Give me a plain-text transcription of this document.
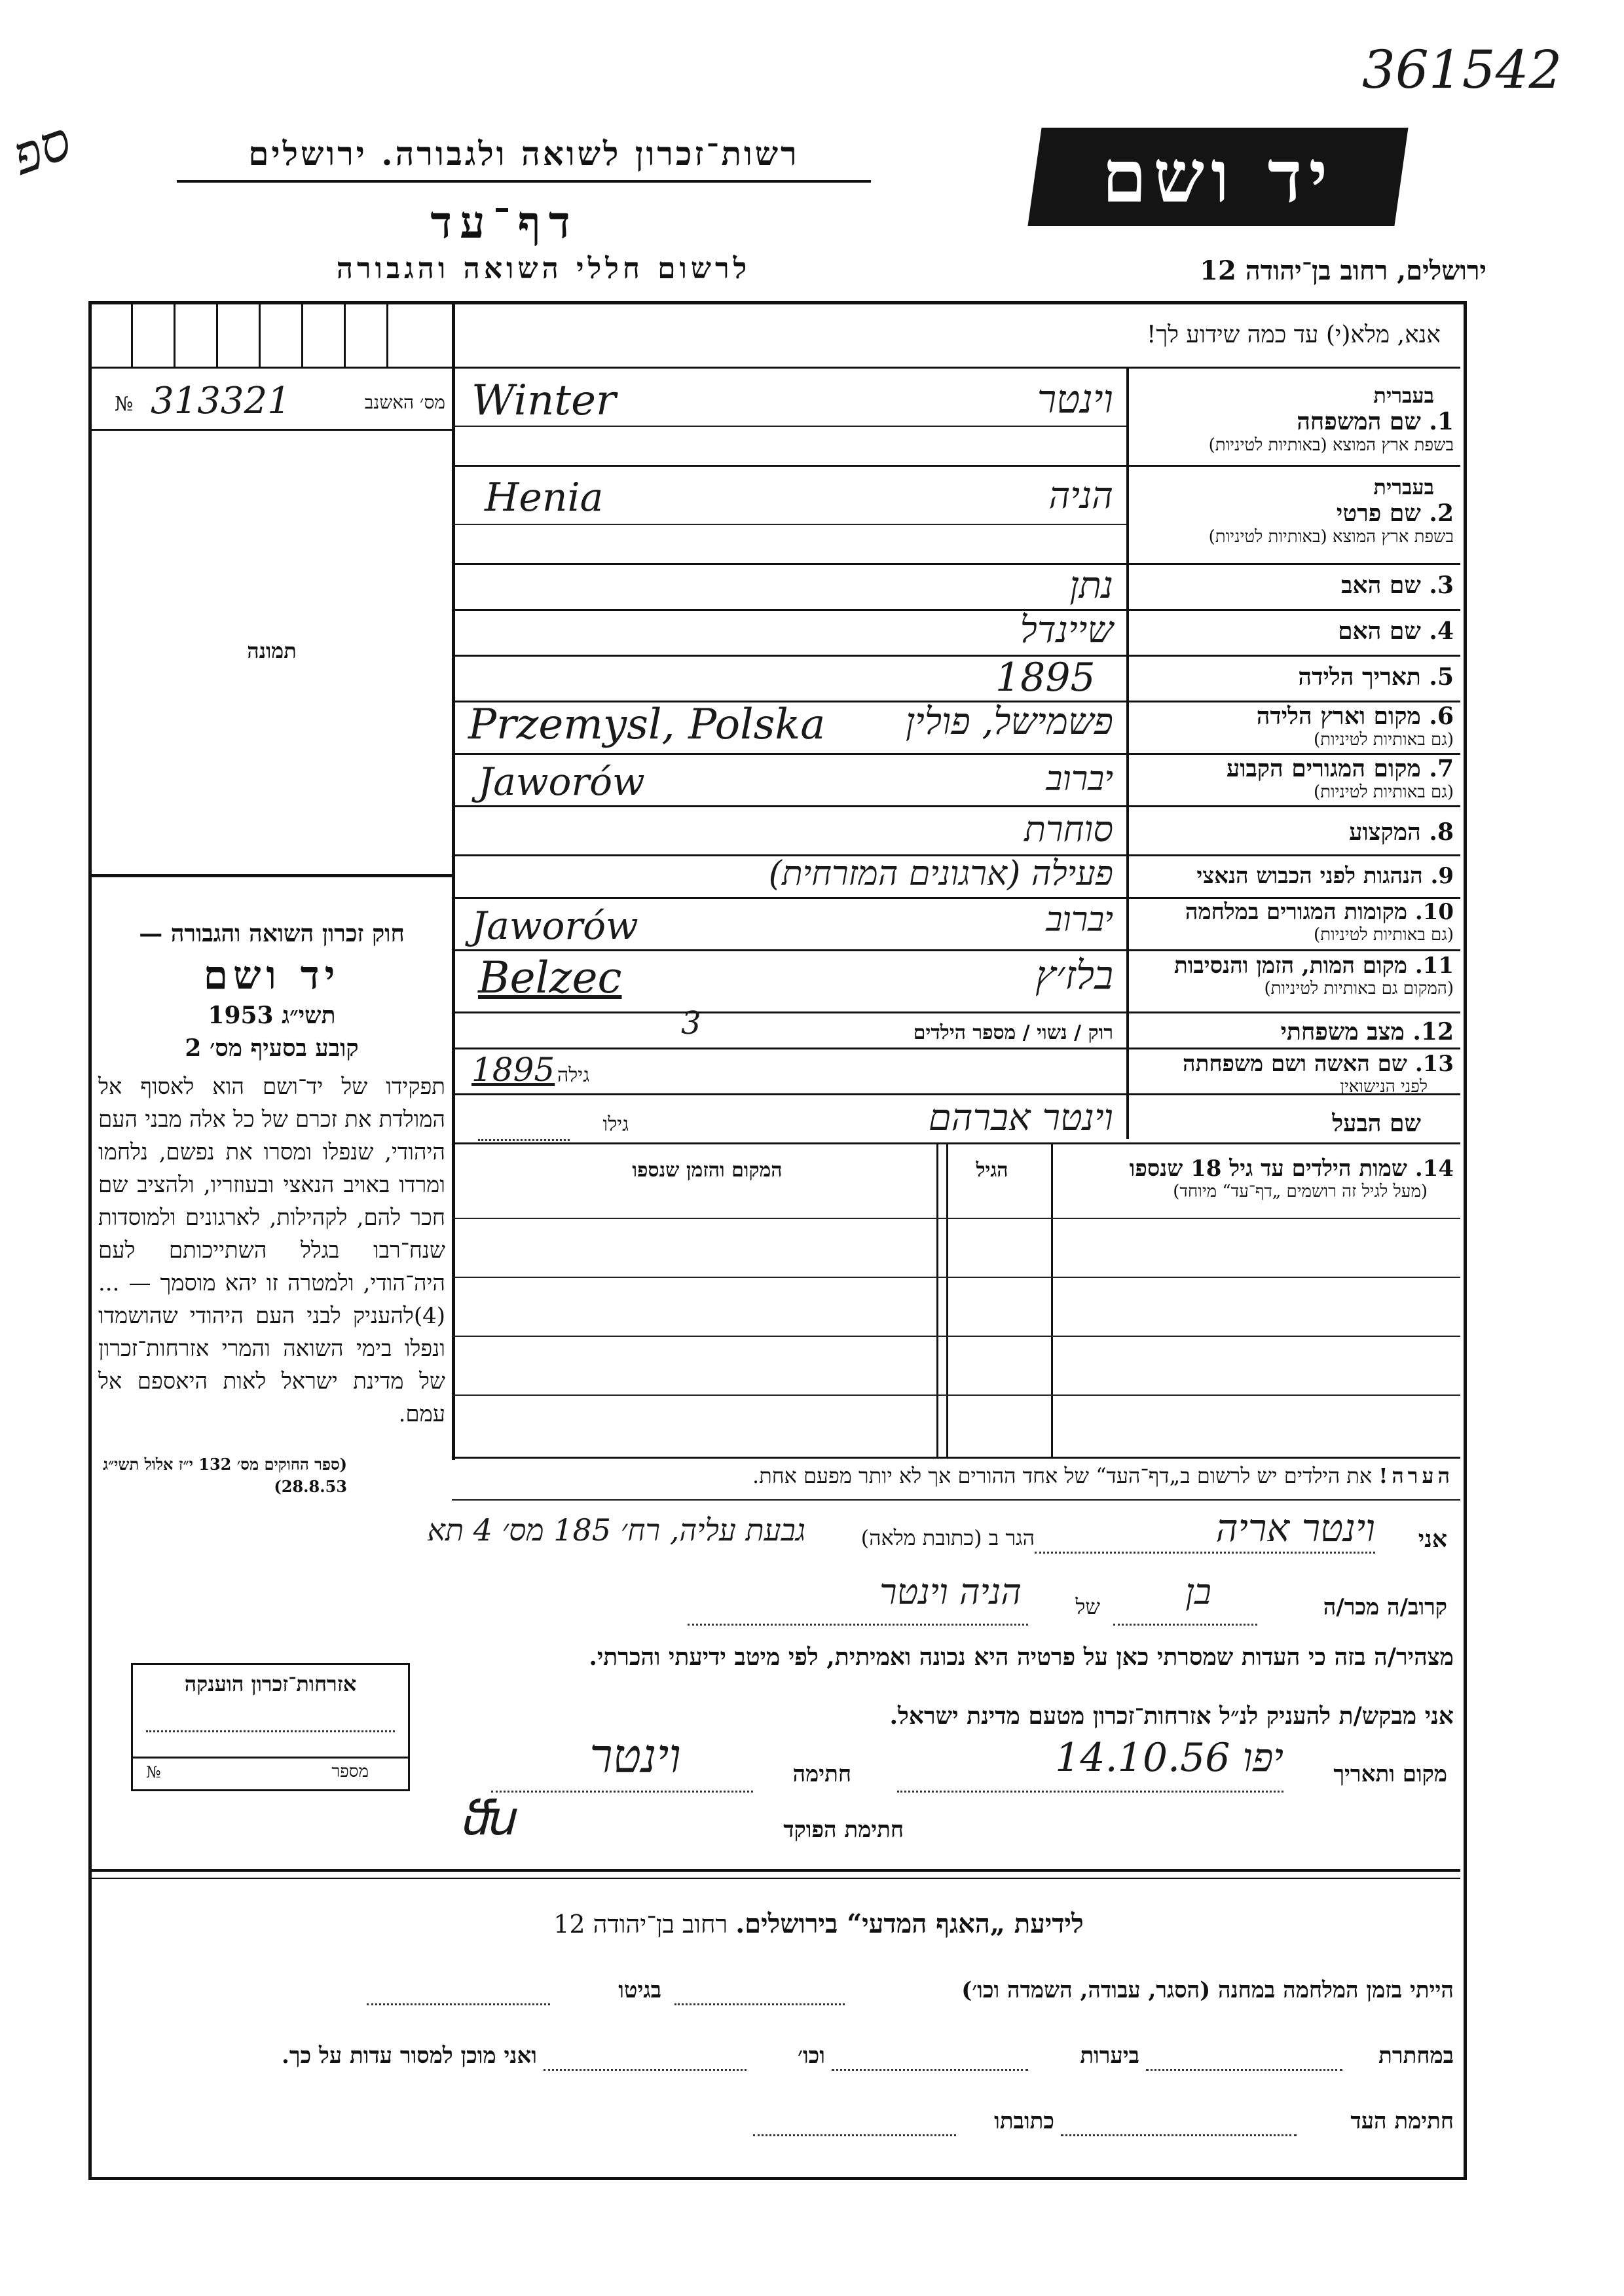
361542
רשות־זכרון לשואה ולגבורה. ירושלים
דף־עד
לרשום חללי השואה והגבורה
יד ושם
ירושלים, רחוב בן־יהודה 12
ספ
אנא, מלא(י) עד כמה שידוע לך!
№ 313321	מס׳ האשנב
תמונה
חוק זכרון השואה והגבורה —
יד ושם
תשי״ג 1953
קובע בסעיף מס׳ 2
תפקידו של יד־ושם הוא לאסוף אל המולדת את זכרם של כל אלה מבני העם היהודי, שנפלו ומסרו את נפשם, נלחמו ומרדו באויב הנאצי ובעוזריו, ולהציב שם חכר להם, לקהילות, לארגונים ולמוסדות שנח־רבו בגלל השתייכותם לעם היה־הודי, ולמטרה זו יהא מוסמך — ...(4)להעניק לבני העם היהודי שהושמדו ונפלו בימי השואה והמרי אזרחות־זכרון של מדינת ישראל לאות היאספם אל עמם.
(ספר החוקים מס׳ 132 י״ז אלול תשי״ג 28.8.53)
אזרחות־זכרון הוענקה
מספר
№
בעברית
1. שם המשפחה
בשפת ארץ המוצא (באותיות לטיניות)
Winter	וינטר
בעברית
2. שם פרטי
בשפת ארץ המוצא (באותיות לטיניות)
Henia	הניה
3. שם האב
נתן
4. שם האם
שיינדל
5. תאריך הלידה
1895
6. מקום וארץ הלידה
(גם באותיות לטיניות)
Przemysl, Polska	פשמישל, פולין
7. מקום המגורים הקבוע
(גם באותיות לטיניות)
Jaworów	יברוב
8. המקצוע
סוחרת
9. הנהגות לפני הכבוש הנאצי
פעילה (ארגונים המזרחית)
10. מקומות המגורים במלחמה
(גם באותיות לטיניות)
Jaworów	יברוב
11. מקום המות, הזמן והנסיבות
(המקום גם באותיות לטיניות)
Belzec	בלז׳ץ
12. מצב משפחתי
רוק / נשוי / מספר הילדים
3
13. שם האשה ושם משפחתה
לפני הנישואין
גילה
1895
שם הבעל
וינטר אברהם
גילו
14. שמות הילדים עד גיל 18 שנספו
(מעל לגיל זה רושמים „דף־עד“ מיוחד)
הגיל
המקום והזמן שנספו
הערה! את הילדים יש לרשום ב„דף־העד“ של אחד ההורים אך לא יותר מפעם אחת.
אני
וינטר אריה
הגר ב (כתובת מלאה)
גבעת עליה, רח׳ 185 מס׳ 4 תא
קרוב/ה מכר/ה
בן
של
הניה וינטר
מצהיר/ה בזה כי העדות שמסרתי כאן על פרטיה היא נכונה ואמיתית, לפי מיטב ידיעתי והכרתי.
אני מבקש/ת להעניק לנ״ל אזרחות־זכרון מטעם מדינת ישראל.
מקום ותאריך
יפו 14.10.56
חתימה
וינטר
חתימת הפוקד
ﬓ
לידיעת „האגף המדעי“ בירושלים. רחוב בן־יהודה 12
הייתי בזמן המלחמה במחנה (הסגר, עבודה, השמדה וכו׳)
בגיטו
במחתרת
ביערות
וכו׳
ואני מוכן למסור עדות על כך.
חתימת העד
כתובתו
